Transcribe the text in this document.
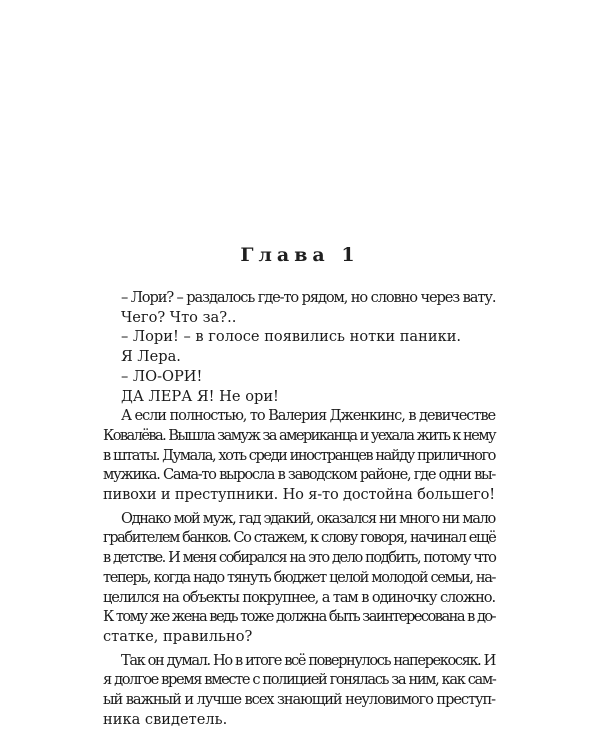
Глава 1
– Лори? – раздалось где-то рядом, но словно через вату.
Чего? Что за?..
– Лори! – в голосе появились нотки паники.
Я Лера.
– ЛО-ОРИ!
ДА ЛЕРА Я! Не ори!
А если полностью, то Валерия Дженкинс, в девичестве
Ковалёва. Вышла замуж за американца и уехала жить к нему
в штаты. Думала, хоть среди иностранцев найду приличного
мужика. Сама-то выросла в заводском районе, где одни вы-
пивохи и преступники. Но я-то достойна большего!
Однако мой муж, гад эдакий, оказался ни много ни мало
грабителем банков. Со стажем, к слову говоря, начинал ещё
в детстве. И меня собирался на это дело подбить, потому что
теперь, когда надо тянуть бюджет целой молодой семьи, на-
целился на объекты покрупнее, а там в одиночку сложно.
К тому же жена ведь тоже должна быть заинтересована в до-
статке, правильно?
Так он думал. Но в итоге всё повернулось наперекосяк. И
я долгое время вместе с полицией гонялась за ним, как сам-
ый важный и лучше всех знающий неуловимого преступ-
ника свидетель.
